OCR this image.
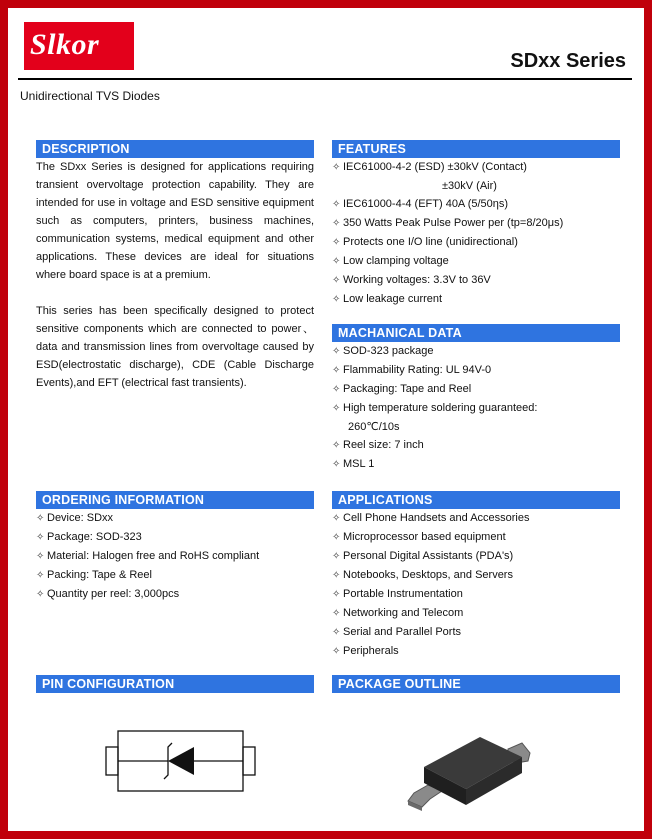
Slkor	SDxx Series
Unidirectional TVS Diodes
DESCRIPTION

The SDxx Series is designed for applications requiring transient overvoltage protection capability. They are intended for use in voltage and ESD sensitive equipment such as computers, printers, business machines, communication systems, medical equipment and other applications. These devices are ideal for situations where board space is at a premium.

This series has been specifically designed to protect sensitive components which are connected to power、data and transmission lines from overvoltage caused by ESD(electrostatic discharge), CDE (Cable Discharge Events),and EFT (electrical fast transients).

FEATURES
✧ IEC61000-4-2 (ESD) ±30kV (Contact)
±30kV (Air)
✧ IEC61000-4-4 (EFT) 40A (5/50ηs)
✧ 350 Watts Peak Pulse Power per (tp=8/20μs)
✧ Protects one I/O line (unidirectional)
✧ Low clamping voltage
✧ Working voltages: 3.3V to 36V
✧ Low leakage current
MACHANICAL DATA
✧ SOD-323 package
✧ Flammability Rating: UL 94V-0
✧ Packaging: Tape and Reel
✧ High temperature soldering guaranteed:
260℃/10s
✧ Reel size: 7 inch
✧ MSL 1
ORDERING INFORMATION
✧ Device: SDxx
✧ Package: SOD-323
✧ Material: Halogen free and RoHS compliant
✧ Packing: Tape & Reel
✧ Quantity per reel: 3,000pcs
APPLICATIONS
✧ Cell Phone Handsets and Accessories
✧ Microprocessor based equipment
✧ Personal Digital Assistants (PDA's)
✧ Notebooks, Desktops, and Servers
✧ Portable Instrumentation
✧ Networking and Telecom
✧ Serial and Parallel Ports
✧ Peripherals
PIN CONFIGURATION	PACKAGE OUTLINE
